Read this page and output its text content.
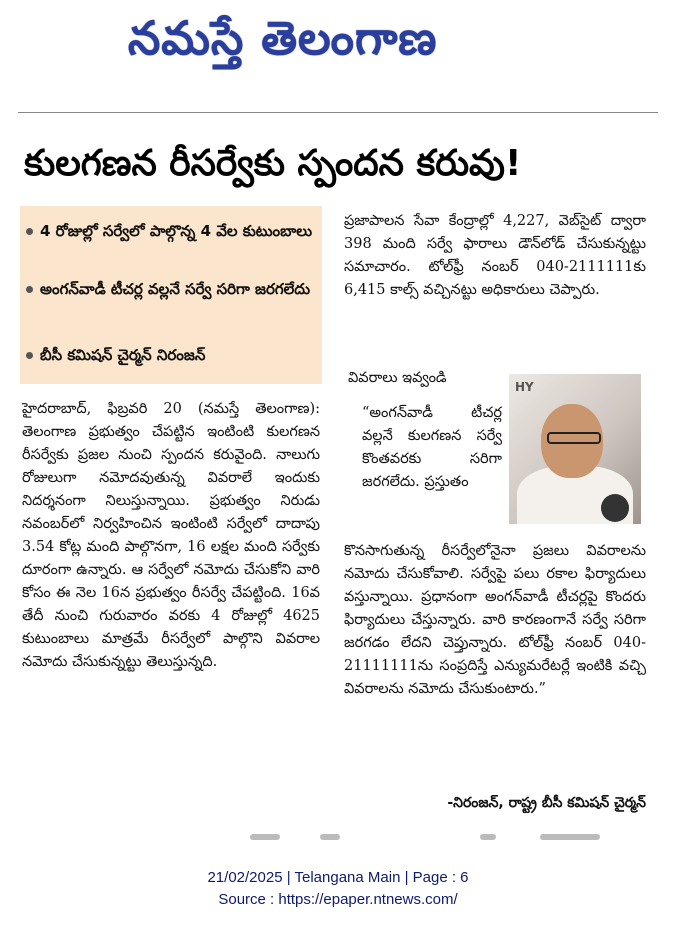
నమస్తే తెలంగాణ
కులగణన రీసర్వేకు స్పందన కరువు!
4 రోజుల్లో సర్వేలో పాల్గొన్న 4 వేల కుటుంబాలు
అంగన్‌వాడీ టీచర్ల వల్లనే సర్వే సరిగా జరగలేదు
బీసీ కమిషన్ చైర్మన్ నిరంజన్

హైదరాబాద్, ఫిబ్రవరి 20 (నమస్తే తెలంగాణ): తెలంగాణ ప్రభుత్వం చేపట్టిన ఇంటింటి కులగణన రీసర్వేకు ప్రజల నుంచి స్పందన కరువైంది. నాలుగు రోజులుగా నమోదవుతున్న వివరాలే ఇందుకు నిదర్శనంగా నిలుస్తున్నాయి. ప్రభుత్వం నిరుడు నవంబర్‌లో నిర్వహించిన ఇంటింటి సర్వేలో దాదాపు 3.54 కోట్ల మంది పాల్గొనగా, 16 లక్షల మంది సర్వేకు దూరంగా ఉన్నారు. ఆ సర్వేలో నమోదు చేసుకోని వారి కోసం ఈ నెల 16న ప్రభుత్వం రీసర్వే చేపట్టింది. 16వ తేదీ నుంచి గురువారం వరకు 4 రోజుల్లో 4625 కుటుంబాలు మాత్రమే రీసర్వేలో పాల్గొని వివరాల నమోదు చేసుకున్నట్టు తెలుస్తున్నది.

ప్రజాపాలన సేవా కేంద్రాల్లో 4,227, వెబ్‌సైట్ ద్వారా 398 మంది సర్వే ఫారాలు డౌన్‌లోడ్ చేసుకున్నట్టు సమాచారం. టోల్‌ఫ్రీ నంబర్ 040-2111111కు 6,415 కాల్స్ వచ్చినట్టు అధికారులు చెప్పారు.

వివరాలు ఇవ్వండి
HY

“అంగన్‌వాడీ టీచర్ల వల్లనే కులగణన సర్వే కొంతవరకు సరిగా జరగలేదు. ప్రస్తుతం

కొనసాగుతున్న రీసర్వేలోనైనా ప్రజలు వివరాలను నమోదు చేసుకోవాలి. సర్వేపై పలు రకాల ఫిర్యాదులు వస్తున్నాయి. ప్రధానంగా అంగన్‌వాడీ టీచర్లపై కొందరు ఫిర్యాదులు చేస్తున్నారు. వారి కారణంగానే సర్వే సరిగా జరగడం లేదని చెప్తున్నారు. టోల్‌ఫ్రీ నంబర్ 040-21111111ను సంప్రదిస్తే ఎన్యుమరేటర్లే ఇంటికి వచ్చి వివరాలను నమోదు చేసుకుంటారు.”

-నిరంజన్, రాష్ట్ర బీసీ కమిషన్ చైర్మన్
21/02/2025 | Telangana Main | Page : 6
Source : https://epaper.ntnews.com/
